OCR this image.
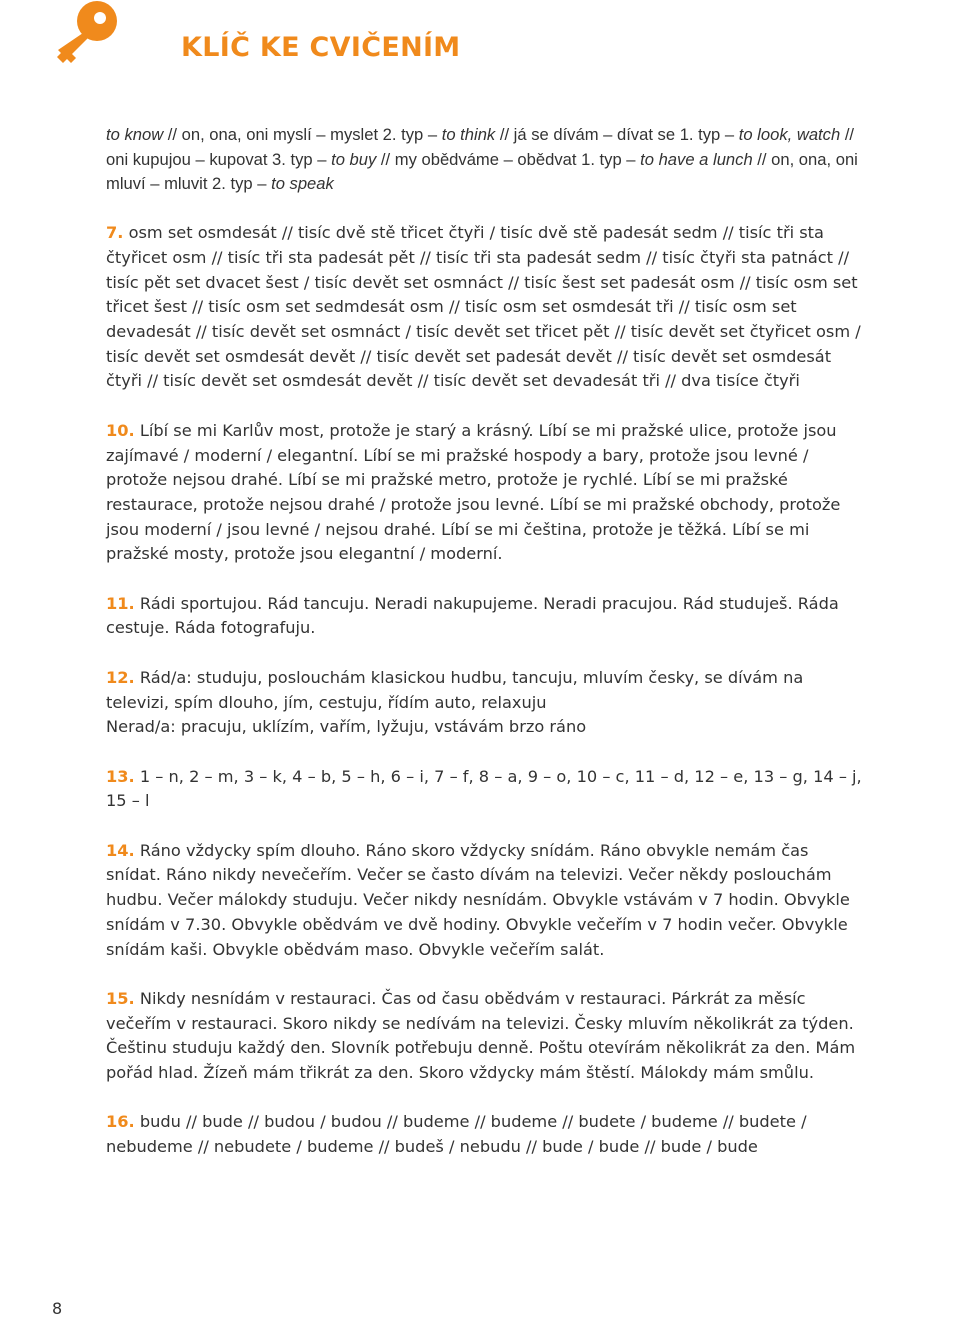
KLÍČ KE CVIČENÍM

to know // on, ona, oni myslí – myslet 2. typ – to think // já se dívám – dívat se 1. typ – to look, watch // oni kupujou – kupovat 3. typ – to buy // my obědváme – obědvat 1. typ – to have a lunch // on, ona, oni mluví – mluvit 2. typ – to speak

7. osm set osmdesát // tisíc dvě stě třicet čtyři / tisíc dvě stě padesát sedm // tisíc tři sta čtyřicet osm // tisíc tři sta padesát pět // tisíc tři sta padesát sedm // tisíc čtyři sta patnáct // tisíc pět set dvacet šest / tisíc devět set osmnáct // tisíc šest set padesát osm // tisíc osm set třicet šest // tisíc osm set sedmdesát osm // tisíc osm set osmdesát tři // tisíc osm set devadesát // tisíc devět set osmnáct / tisíc devět set třicet pět // tisíc devět set čtyřicet osm / tisíc devět set osmdesát devět // tisíc devět set padesát devět // tisíc devět set osmdesát čtyři // tisíc devět set osmdesát devět // tisíc devět set devadesát tři // dva tisíce čtyři

10. Líbí se mi Karlův most, protože je starý a krásný. Líbí se mi pražské ulice, protože jsou zajímavé / moderní / elegantní. Líbí se mi pražské hospody a bary, protože jsou levné / protože nejsou drahé. Líbí se mi pražské metro, protože je rychlé. Líbí se mi pražské restaurace, protože nejsou drahé / protože jsou levné. Líbí se mi pražské obchody, protože jsou moderní / jsou levné / nejsou drahé. Líbí se mi čeština, protože je těžká. Líbí se mi pražské mosty, protože jsou elegantní / moderní.

11. Rádi sportujou. Rád tancuju. Neradi nakupujeme. Neradi pracujou. Rád studuješ. Ráda cestuje. Ráda fotografuju.

12. Rád/a: studuju, poslouchám klasickou hudbu, tancuju, mluvím česky, se dívám na televizi, spím dlouho, jím, cestuju, řídím auto, relaxuju
Nerad/a: pracuju, uklízím, vařím, lyžuju, vstávám brzo ráno

13. 1 – n, 2 – m, 3 – k, 4 – b, 5 – h, 6 – i, 7 – f, 8 – a, 9 – o, 10 – c, 11 – d, 12 – e, 13 – g, 14 – j, 15 – l

14. Ráno vždycky spím dlouho. Ráno skoro vždycky snídám. Ráno obvykle nemám čas snídat. Ráno nikdy nevečeřím. Večer se často dívám na televizi. Večer někdy poslouchám hudbu. Večer málokdy studuju. Večer nikdy nesnídám. Obvykle vstávám v 7 hodin. Obvykle snídám v 7.30. Obvykle obědvám ve dvě hodiny. Obvykle večeřím v 7 hodin večer. Obvykle snídám kaši. Obvykle obědvám maso. Obvykle večeřím salát.

15. Nikdy nesnídám v restauraci. Čas od času obědvám v restauraci. Párkrát za měsíc večeřím v restauraci. Skoro nikdy se nedívám na televizi. Česky mluvím několikrát za týden. Češtinu studuju každý den. Slovník potřebuju denně. Poštu otevírám několikrát za den. Mám pořád hlad. Žízeň mám třikrát za den. Skoro vždycky mám štěstí. Málokdy mám smůlu.

16. budu // bude // budou / budou // budeme // budeme // budete / budeme // budete / nebudeme // nebudete / budeme // budeš / nebudu // bude / bude // bude / bude

8
